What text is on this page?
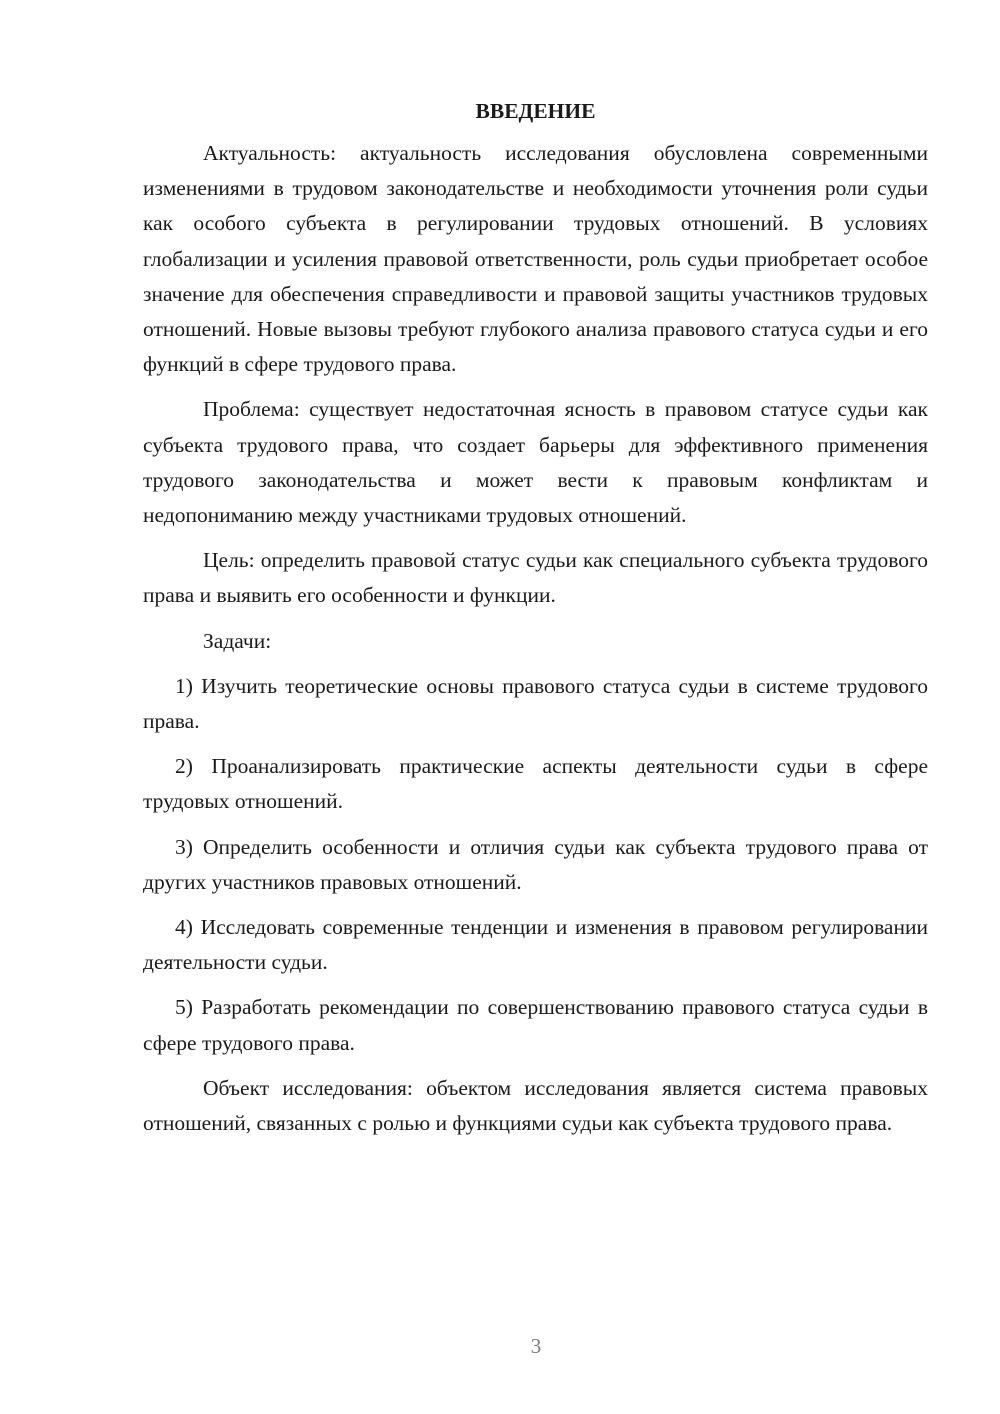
ВВЕДЕНИЕ

Актуальность: актуальность исследования обусловлена современными изменениями в трудовом законодательстве и необходимости уточнения роли судьи как особого субъекта в регулировании трудовых отношений. В условиях глобализации и усиления правовой ответственности, роль судьи приобретает особое значение для обеспечения справедливости и правовой защиты участников трудовых отношений. Новые вызовы требуют глубокого анализа правового статуса судьи и его функций в сфере трудового права.

Проблема: существует недостаточная ясность в правовом статусе судьи как субъекта трудового права, что создает барьеры для эффективного применения трудового законодательства и может вести к правовым конфликтам и недопониманию между участниками трудовых отношений.

Цель: определить правовой статус судьи как специального субъекта трудового права и выявить его особенности и функции.

Задачи:

1) Изучить теоретические основы правового статуса судьи в системе трудового права.

2) Проанализировать практические аспекты деятельности судьи в сфере трудовых отношений.

3) Определить особенности и отличия судьи как субъекта трудового права от других участников правовых отношений.

4) Исследовать современные тенденции и изменения в правовом регулировании деятельности судьи.

5) Разработать рекомендации по совершенствованию правового статуса судьи в сфере трудового права.

Объект исследования: объектом исследования является система правовых отношений, связанных с ролью и функциями судьи как субъекта трудового права.

3
